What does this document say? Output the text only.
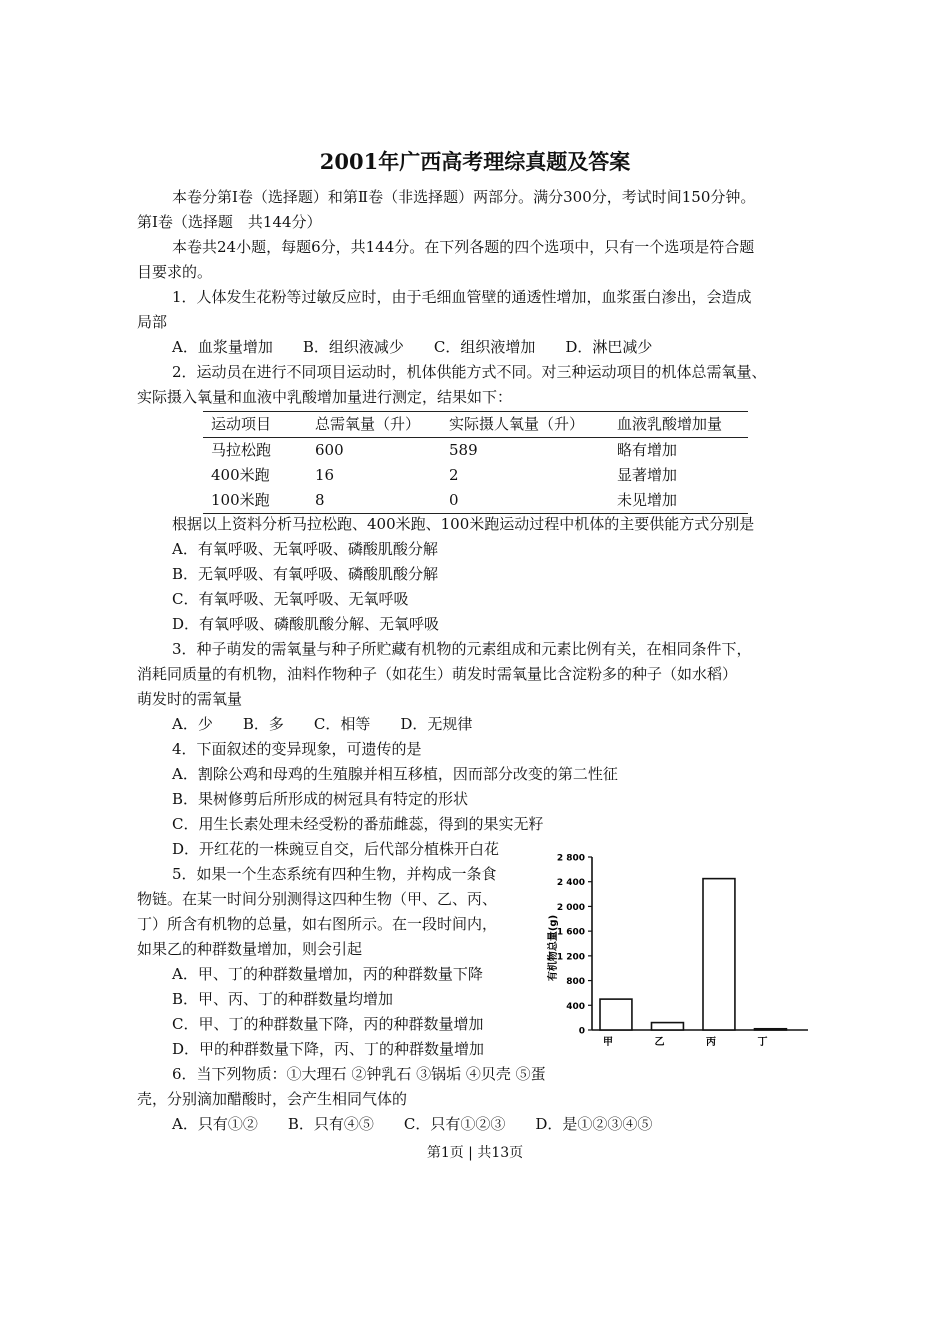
2001年广西高考理综真题及答案
本卷分第Ⅰ卷（选择题）和第Ⅱ卷（非选择题）两部分。满分300分，考试时间150分钟。
第Ⅰ卷（选择题　共144分）
本卷共24小题，每题6分，共144分。在下列各题的四个选项中，只有一个选项是符合题
目要求的。
1．人体发生花粉等过敏反应时，由于毛细血管壁的通透性增加，血浆蛋白渗出，会造成
局部
A．血浆量增加　　B．组织液减少　　C．组织液增加　　D．淋巴减少
2．运动员在进行不同项目运动时，机体供能方式不同。对三种运动项目的机体总需氧量、
实际摄入氧量和血液中乳酸增加量进行测定，结果如下：
运动项目	总需氧量（升）	实际摄人氧量（升）	血液乳酸增加量
马拉松跑	600	589	略有增加
400米跑	16	2	显著增加
100米跑	8	0	未见增加
根据以上资料分析马拉松跑、400米跑、100米跑运动过程中机体的主要供能方式分别是
A．有氧呼吸、无氧呼吸、磷酸肌酸分解
B．无氧呼吸、有氧呼吸、磷酸肌酸分解
C．有氧呼吸、无氧呼吸、无氧呼吸
D．有氧呼吸、磷酸肌酸分解、无氧呼吸
3．种子萌发的需氧量与种子所贮藏有机物的元素组成和元素比例有关，在相同条件下，
消耗同质量的有机物，油料作物种子（如花生）萌发时需氧量比含淀粉多的种子（如水稻）
萌发时的需氧量
A．少　　B．多　　C．相等　　D．无规律
4．下面叙述的变异现象，可遗传的是
A．割除公鸡和母鸡的生殖腺并相互移植，因而部分改变的第二性征
B．果树修剪后所形成的树冠具有特定的形状
C．用生长素处理未经受粉的番茄雌蕊，得到的果实无籽
D．开红花的一株豌豆自交，后代部分植株开白花
5．如果一个生态系统有四种生物，并构成一条食
物链。在某一时间分别测得这四种生物（甲、乙、丙、
丁）所含有机物的总量，如右图所示。在一段时间内，
如果乙的种群数量增加，则会引起
A．甲、丁的种群数量增加，丙的种群数量下降
B．甲、丙、丁的种群数量均增加
C．甲、丁的种群数量下降，丙的种群数量增加
D．甲的种群数量下降，丙、丁的种群数量增加
6．当下列物质：①大理石 ②钟乳石 ③锅垢 ④贝壳 ⑤蛋
壳，分别滴加醋酸时，会产生相同气体的
A．只有①②　　B．只有④⑤　　C．只有①②③　　D．是①②③④⑤
有机物总量(g)
0
400
800
1 200
1 600
2 000
2 400
2 800
甲	乙	丙	丁
第1页 | 共13页
